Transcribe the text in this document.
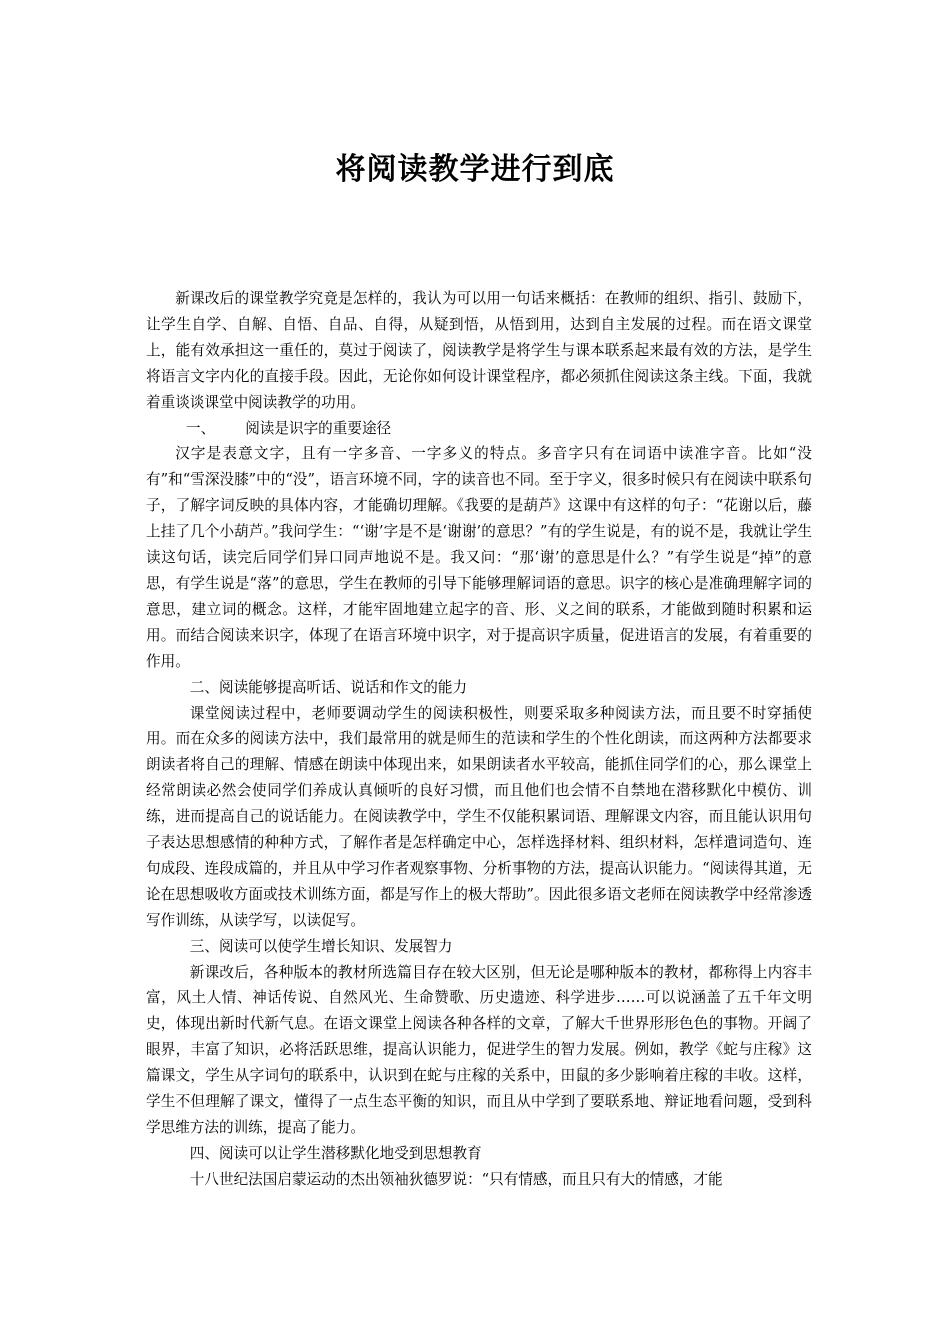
将阅读教学进行到底

新课改后的课堂教学究竟是怎样的，我认为可以用一句话来概括：在教师的组织、指引、鼓励下，让学生自学、自解、自悟、自品、自得，从疑到悟，从悟到用，达到自主发展的过程。而在语文课堂上，能有效承担这一重任的，莫过于阅读了，阅读教学是将学生与课本联系起来最有效的方法，是学生将语言文字内化的直接手段。因此，无论你如何设计课堂程序，都必须抓住阅读这条主线。下面，我就着重谈谈课堂中阅读教学的功用。

一、 阅读是识字的重要途径

汉字是表意文字，且有一字多音、一字多义的特点。多音字只有在词语中读准字音。比如“没有”和“雪深没膝”中的“没”，语言环境不同，字的读音也不同。至于字义，很多时候只有在阅读中联系句子，了解字词反映的具体内容，才能确切理解。《我要的是葫芦》这课中有这样的句子：“花谢以后，藤上挂了几个小葫芦。”我问学生：“‘谢’字是不是‘谢谢’的意思？”有的学生说是，有的说不是，我就让学生读这句话，读完后同学们异口同声地说不是。我又问：“那‘谢’的意思是什么？”有学生说是“掉”的意思，有学生说是“落”的意思，学生在教师的引导下能够理解词语的意思。识字的核心是准确理解字词的意思，建立词的概念。这样，才能牢固地建立起字的音、形、义之间的联系，才能做到随时积累和运用。而结合阅读来识字，体现了在语言环境中识字，对于提高识字质量，促进语言的发展，有着重要的作用。

二、阅读能够提高听话、说话和作文的能力

课堂阅读过程中，老师要调动学生的阅读积极性，则要采取多种阅读方法，而且要不时穿插使用。而在众多的阅读方法中，我们最常用的就是师生的范读和学生的个性化朗读，而这两种方法都要求朗读者将自己的理解、情感在朗读中体现出来，如果朗读者水平较高，能抓住同学们的心，那么课堂上经常朗读必然会使同学们养成认真倾听的良好习惯，而且他们也会情不自禁地在潜移默化中模仿、训练，进而提高自己的说话能力。在阅读教学中，学生不仅能积累词语、理解课文内容，而且能认识用句子表达思想感情的种种方式，了解作者是怎样确定中心，怎样选择材料、组织材料，怎样遣词造句、连句成段、连段成篇的，并且从中学习作者观察事物、分析事物的方法，提高认识能力。“阅读得其道，无论在思想吸收方面或技术训练方面，都是写作上的极大帮助”。因此很多语文老师在阅读教学中经常渗透写作训练，从读学写，以读促写。

三、阅读可以使学生增长知识、发展智力

新课改后，各种版本的教材所选篇目存在较大区别，但无论是哪种版本的教材，都称得上内容丰富，风土人情、神话传说、自然风光、生命赞歌、历史遗迹、科学进步……可以说涵盖了五千年文明史，体现出新时代新气息。在语文课堂上阅读各种各样的文章，了解大千世界形形色色的事物。开阔了眼界，丰富了知识，必将活跃思维，提高认识能力，促进学生的智力发展。例如，教学《蛇与庄稼》这篇课文，学生从字词句的联系中，认识到在蛇与庄稼的关系中，田鼠的多少影响着庄稼的丰收。这样，学生不但理解了课文，懂得了一点生态平衡的知识，而且从中学到了要联系地、辩证地看问题，受到科学思维方法的训练，提高了能力。

四、阅读可以让学生潜移默化地受到思想教育

十八世纪法国启蒙运动的杰出领袖狄德罗说：“只有情感，而且只有大的情感，才能
